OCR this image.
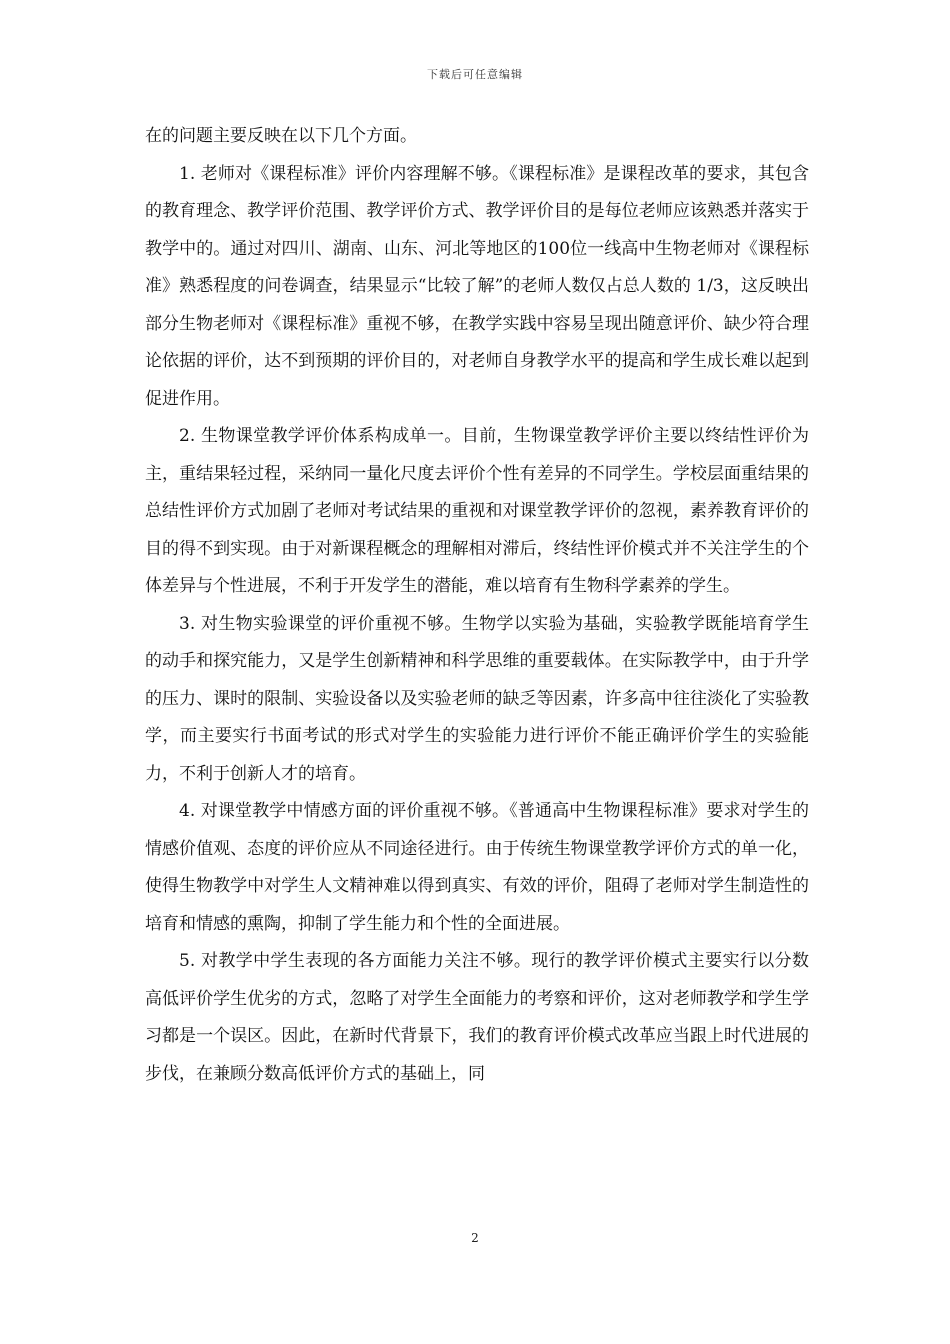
下载后可任意编辑

在的问题主要反映在以下几个方面。

1. 老师对《课程标准》评价内容理解不够。《课程标准》是课程改革的要求，其包含的教育理念、教学评价范围、教学评价方式、教学评价目的是每位老师应该熟悉并落实于教学中的。通过对四川、湖南、山东、河北等地区的100位一线高中生物老师对《课程标准》熟悉程度的问卷调查，结果显示“比较了解”的老师人数仅占总人数的 1/3，这反映出部分生物老师对《课程标准》重视不够，在教学实践中容易呈现出随意评价、缺少符合理论依据的评价，达不到预期的评价目的，对老师自身教学水平的提高和学生成长难以起到促进作用。

2. 生物课堂教学评价体系构成单一。目前，生物课堂教学评价主要以终结性评价为主，重结果轻过程，采纳同一量化尺度去评价个性有差异的不同学生。学校层面重结果的总结性评价方式加剧了老师对考试结果的重视和对课堂教学评价的忽视，素养教育评价的目的得不到实现。由于对新课程概念的理解相对滞后，终结性评价模式并不关注学生的个体差异与个性进展，不利于开发学生的潜能，难以培育有生物科学素养的学生。

3. 对生物实验课堂的评价重视不够。生物学以实验为基础，实验教学既能培育学生的动手和探究能力，又是学生创新精神和科学思维的重要载体。在实际教学中，由于升学的压力、课时的限制、实验设备以及实验老师的缺乏等因素，许多高中往往淡化了实验教学，而主要实行书面考试的形式对学生的实验能力进行评价不能正确评价学生的实验能力，不利于创新人才的培育。

4. 对课堂教学中情感方面的评价重视不够。《普通高中生物课程标准》要求对学生的情感价值观、态度的评价应从不同途径进行。由于传统生物课堂教学评价方式的单一化，使得生物教学中对学生人文精神难以得到真实、有效的评价，阻碍了老师对学生制造性的培育和情感的熏陶，抑制了学生能力和个性的全面进展。

5. 对教学中学生表现的各方面能力关注不够。现行的教学评价模式主要实行以分数高低评价学生优劣的方式，忽略了对学生全面能力的考察和评价，这对老师教学和学生学习都是一个误区。因此，在新时代背景下，我们的教育评价模式改革应当跟上时代进展的步伐，在兼顾分数高低评价方式的基础上，同

2
